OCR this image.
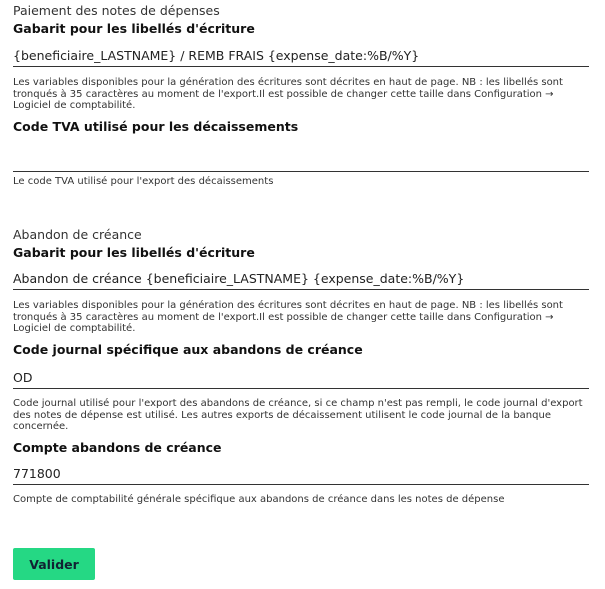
Paiement des notes de dépenses
Gabarit pour les libellés d'écriture
{beneficiaire_LASTNAME} / REMB FRAIS {expense_date:%B/%Y}
Les variables disponibles pour la génération des écritures sont décrites en haut de page. NB : les libellés sont tronqués à 35 caractères au moment de l'export.Il est possible de changer cette taille dans Configuration → Logiciel de comptabilité.
Code TVA utilisé pour les décaissements
Le code TVA utilisé pour l'export des décaissements
Abandon de créance
Gabarit pour les libellés d'écriture
Abandon de créance {beneficiaire_LASTNAME} {expense_date:%B/%Y}
Les variables disponibles pour la génération des écritures sont décrites en haut de page. NB : les libellés sont tronqués à 35 caractères au moment de l'export.Il est possible de changer cette taille dans Configuration → Logiciel de comptabilité.
Code journal spécifique aux abandons de créance
OD
Code journal utilisé pour l'export des abandons de créance, si ce champ n'est pas rempli, le code journal d'export des notes de dépense est utilisé. Les autres exports de décaissement utilisent le code journal de la banque concernée.
Compte abandons de créance
771800
Compte de comptabilité générale spécifique aux abandons de créance dans les notes de dépense
Valider
